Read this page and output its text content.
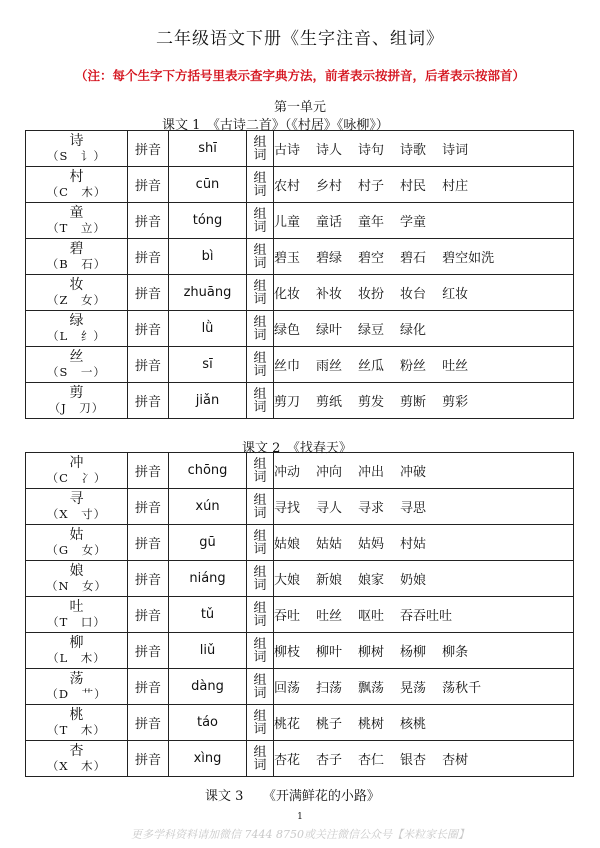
二年级语文下册《生字注音、组词》
（注：每个生字下方括号里表示查字典方法，前者表示按拼音，后者表示按部首）
第一单元
课文 1　《古诗二首》（《村居》《咏柳》）
诗
（S　讠）	拼音	shī	组词	古诗 诗人 诗句 诗歌 诗词

村
（C　木）	拼音	cūn	组词	农村 乡村 村子 村民 村庄

童
（T　立）	拼音	tóng	组词	儿童 童话 童年 学童

碧
（B　石）	拼音	bì	组词	碧玉 碧绿 碧空 碧石 碧空如洗

妆
（Z　女）	拼音	zhuāng	组词	化妆 补妆 妆扮 妆台 红妆

绿
（L　纟）	拼音	lǜ	组词	绿色 绿叶 绿豆 绿化

丝
（S　一）	拼音	sī	组词	丝巾 雨丝 丝瓜 粉丝 吐丝

剪
（J　刀）	拼音	jiǎn	组词	剪刀 剪纸 剪发 剪断 剪彩
课文 2　《找春天》
冲
（C　冫）	拼音	chōng	组词	冲动 冲向 冲出 冲破

寻
（X　寸）	拼音	xún	组词	寻找 寻人 寻求 寻思

姑
（G　女）	拼音	gū	组词	姑娘 姑姑 姑妈 村姑

娘
（N　女）	拼音	niáng	组词	大娘 新娘 娘家 奶娘

吐
（T　口）	拼音	tǔ	组词	吞吐 吐丝 呕吐 吞吞吐吐

柳
（L　木）	拼音	liǔ	组词	柳枝 柳叶 柳树 杨柳 柳条

荡
（D　艹）	拼音	dàng	组词	回荡 扫荡 飘荡 晃荡 荡秋千

桃
（T　木）	拼音	táo	组词	桃花 桃子 桃树 核桃

杏
（X　木）	拼音	xìng	组词	杏花 杏子 杏仁 银杏 杏树
课文 3　　《开满鲜花的小路》
1
更多学科资料请加微信 7444 8750或关注微信公众号【米粒家长圈】
